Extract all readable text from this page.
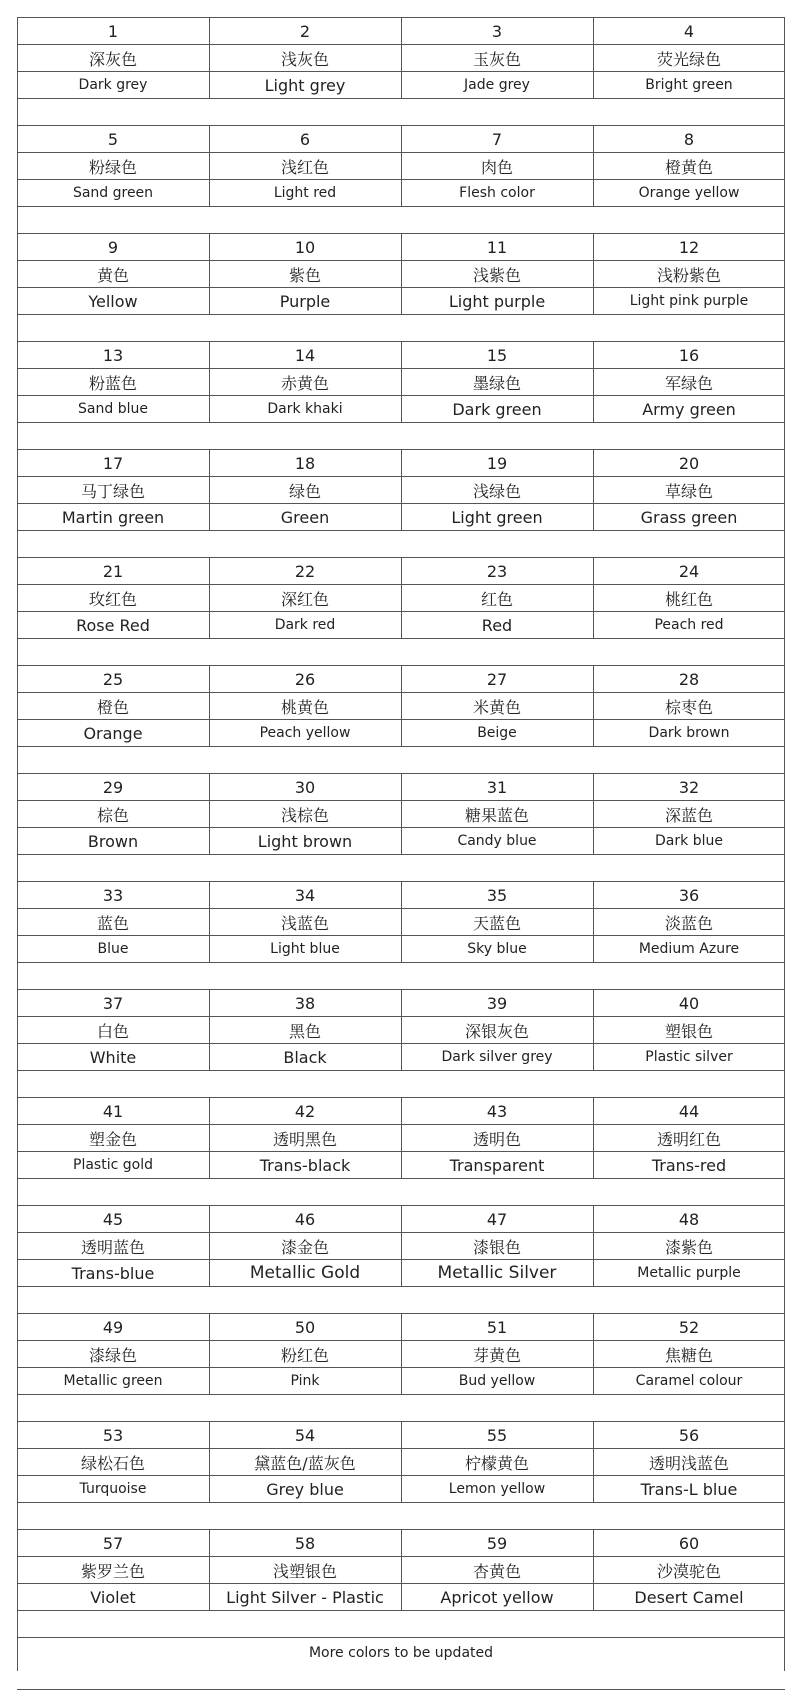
More colors to be updated
1
深灰色
Dark grey
2
浅灰色
Light grey
3
玉灰色
Jade grey
4
荧光绿色
Bright green
5
粉绿色
Sand green
6
浅红色
Light red
7
肉色
Flesh color
8
橙黄色
Orange yellow
9
黄色
Yellow
10
紫色
Purple
11
浅紫色
Light purple
12
浅粉紫色
Light pink purple
13
粉蓝色
Sand blue
14
赤黄色
Dark khaki
15
墨绿色
Dark green
16
军绿色
Army green
17
马丁绿色
Martin green
18
绿色
Green
19
浅绿色
Light green
20
草绿色
Grass green
21
玫红色
Rose Red
22
深红色
Dark red
23
红色
Red
24
桃红色
Peach red
25
橙色
Orange
26
桃黄色
Peach yellow
27
米黄色
Beige
28
棕枣色
Dark brown
29
棕色
Brown
30
浅棕色
Light brown
31
糖果蓝色
Candy blue
32
深蓝色
Dark blue
33
蓝色
Blue
34
浅蓝色
Light blue
35
天蓝色
Sky blue
36
淡蓝色
Medium Azure
37
白色
White
38
黑色
Black
39
深银灰色
Dark silver grey
40
塑银色
Plastic silver
41
塑金色
Plastic gold
42
透明黑色
Trans-black
43
透明色
Transparent
44
透明红色
Trans-red
45
透明蓝色
Trans-blue
46
漆金色
Metallic Gold
47
漆银色
Metallic Silver
48
漆紫色
Metallic purple
49
漆绿色
Metallic green
50
粉红色
Pink
51
芽黄色
Bud yellow
52
焦糖色
Caramel colour
53
绿松石色
Turquoise
54
黛蓝色/蓝灰色
Grey blue
55
柠檬黄色
Lemon yellow
56
透明浅蓝色
Trans-L blue
57
紫罗兰色
Violet
58
浅塑银色
Light Silver - Plastic
59
杏黄色
Apricot yellow
60
沙漠驼色
Desert Camel
